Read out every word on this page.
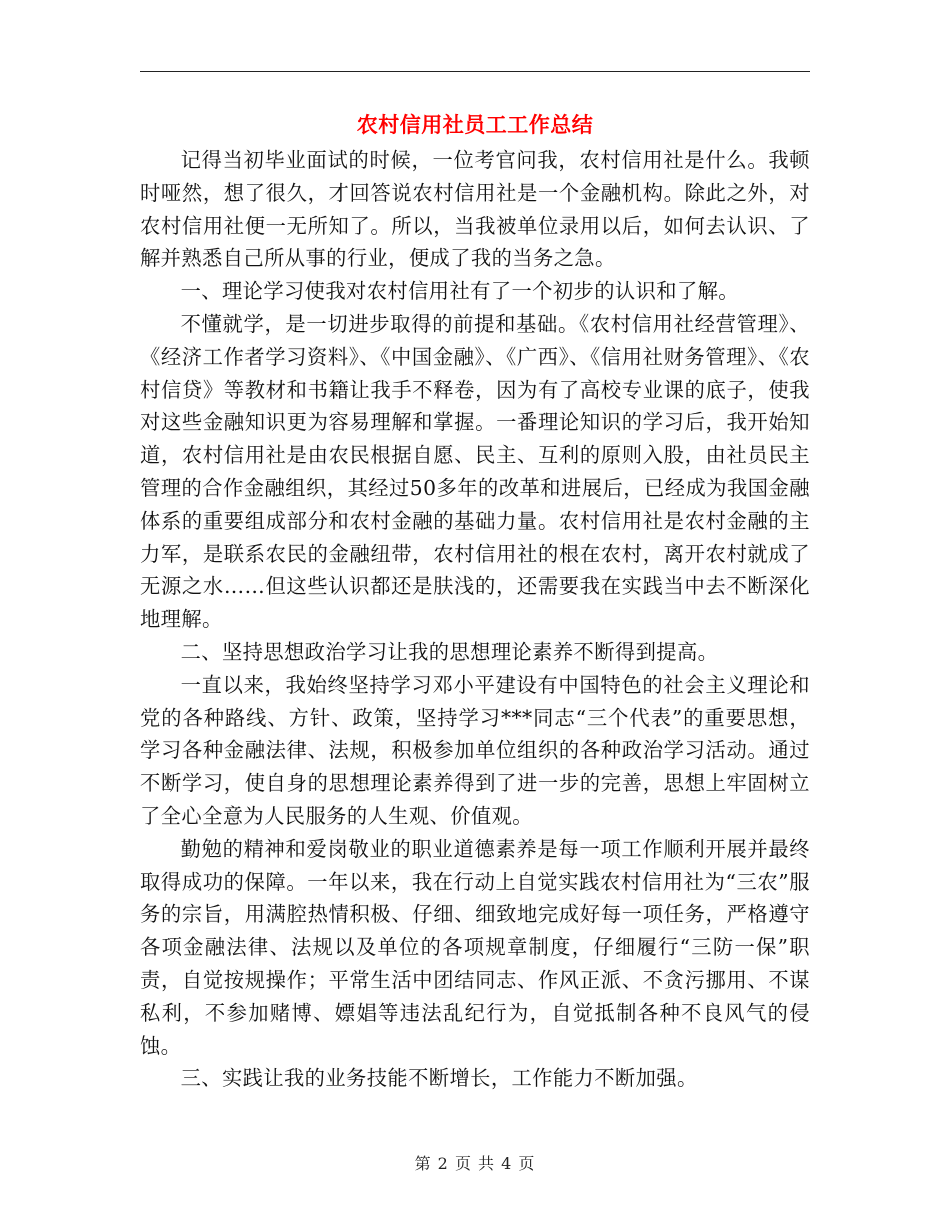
农村信用社员工工作总结

记得当初毕业面试的时候，一位考官问我，农村信用社是什么。我顿时哑然，想了很久，才回答说农村信用社是一个金融机构。除此之外，对农村信用社便一无所知了。所以，当我被单位录用以后，如何去认识、了解并熟悉自己所从事的行业，便成了我的当务之急。

一、理论学习使我对农村信用社有了一个初步的认识和了解。

不懂就学，是一切进步取得的前提和基础。《农村信用社经营管理》、《经济工作者学习资料》、《中国金融》、《广西》、《信用社财务管理》、《农村信贷》等教材和书籍让我手不释卷，因为有了高校专业课的底子，使我对这些金融知识更为容易理解和掌握。一番理论知识的学习后，我开始知道，农村信用社是由农民根据自愿、民主、互利的原则入股，由社员民主管理的合作金融组织，其经过50多年的改革和进展后，已经成为我国金融体系的重要组成部分和农村金融的基础力量。农村信用社是农村金融的主力军，是联系农民的金融纽带，农村信用社的根在农村，离开农村就成了无源之水……但这些认识都还是肤浅的，还需要我在实践当中去不断深化地理解。

二、坚持思想政治学习让我的思想理论素养不断得到提高。

一直以来，我始终坚持学习邓小平建设有中国特色的社会主义理论和党的各种路线、方针、政策，坚持学习***同志“三个代表”的重要思想，学习各种金融法律、法规，积极参加单位组织的各种政治学习活动。通过不断学习，使自身的思想理论素养得到了进一步的完善，思想上牢固树立了全心全意为人民服务的人生观、价值观。

勤勉的精神和爱岗敬业的职业道德素养是每一项工作顺利开展并最终取得成功的保障。一年以来，我在行动上自觉实践农村信用社为“三农”服务的宗旨，用满腔热情积极、仔细、细致地完成好每一项任务，严格遵守各项金融法律、法规以及单位的各项规章制度，仔细履行“三防一保”职责，自觉按规操作；平常生活中团结同志、作风正派、不贪污挪用、不谋私利，不参加赌博、嫖娼等违法乱纪行为，自觉抵制各种不良风气的侵蚀。

三、实践让我的业务技能不断增长，工作能力不断加强。

第 2 页 共 4 页
